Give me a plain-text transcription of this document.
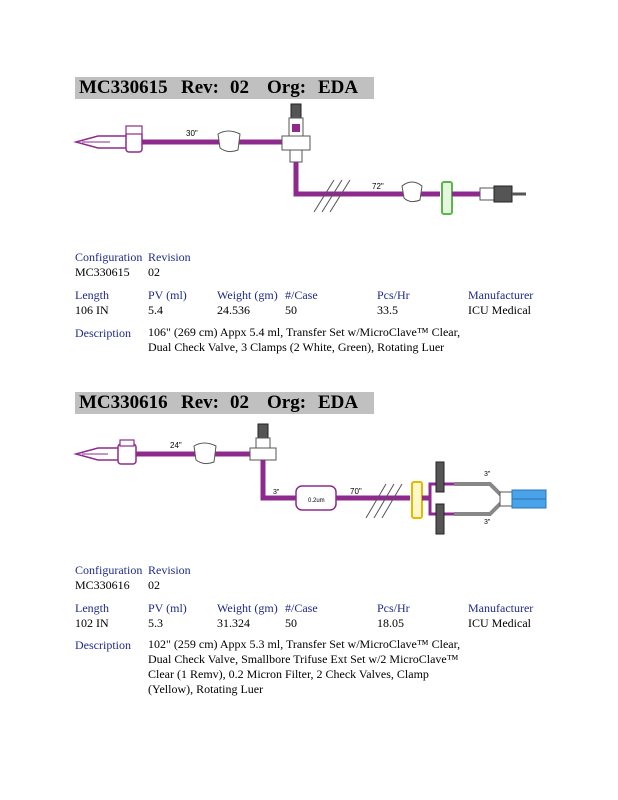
MC330615 Rev: 02 Org: EDA
30"
72"
Configuration Revision
MC330615 02
Length	PV (ml)	Weight (gm) #/Case	Pcs/Hr	Manufacturer
106 IN	5.4	24.536	50	33.5	ICU Medical
Description 106" (269 cm) Appx 5.4 ml, Transfer Set w/MicroClave™ Clear,
Dual Check Valve, 3 Clamps (2 White, Green), Rotating Luer
MC330616 Rev: 02 Org: EDA
24"
3"
0.2um
70"
3"
3"
Configuration Revision
MC330616 02
Length	PV (ml)	Weight (gm) #/Case	Pcs/Hr	Manufacturer
102 IN	5.3	31.324	50	18.05	ICU Medical
Description 102" (259 cm) Appx 5.3 ml, Transfer Set w/MicroClave™ Clear,
Dual Check Valve, Smallbore Trifuse Ext Set w/2 MicroClave™
Clear (1 Remv), 0.2 Micron Filter, 2 Check Valves, Clamp
(Yellow), Rotating Luer
